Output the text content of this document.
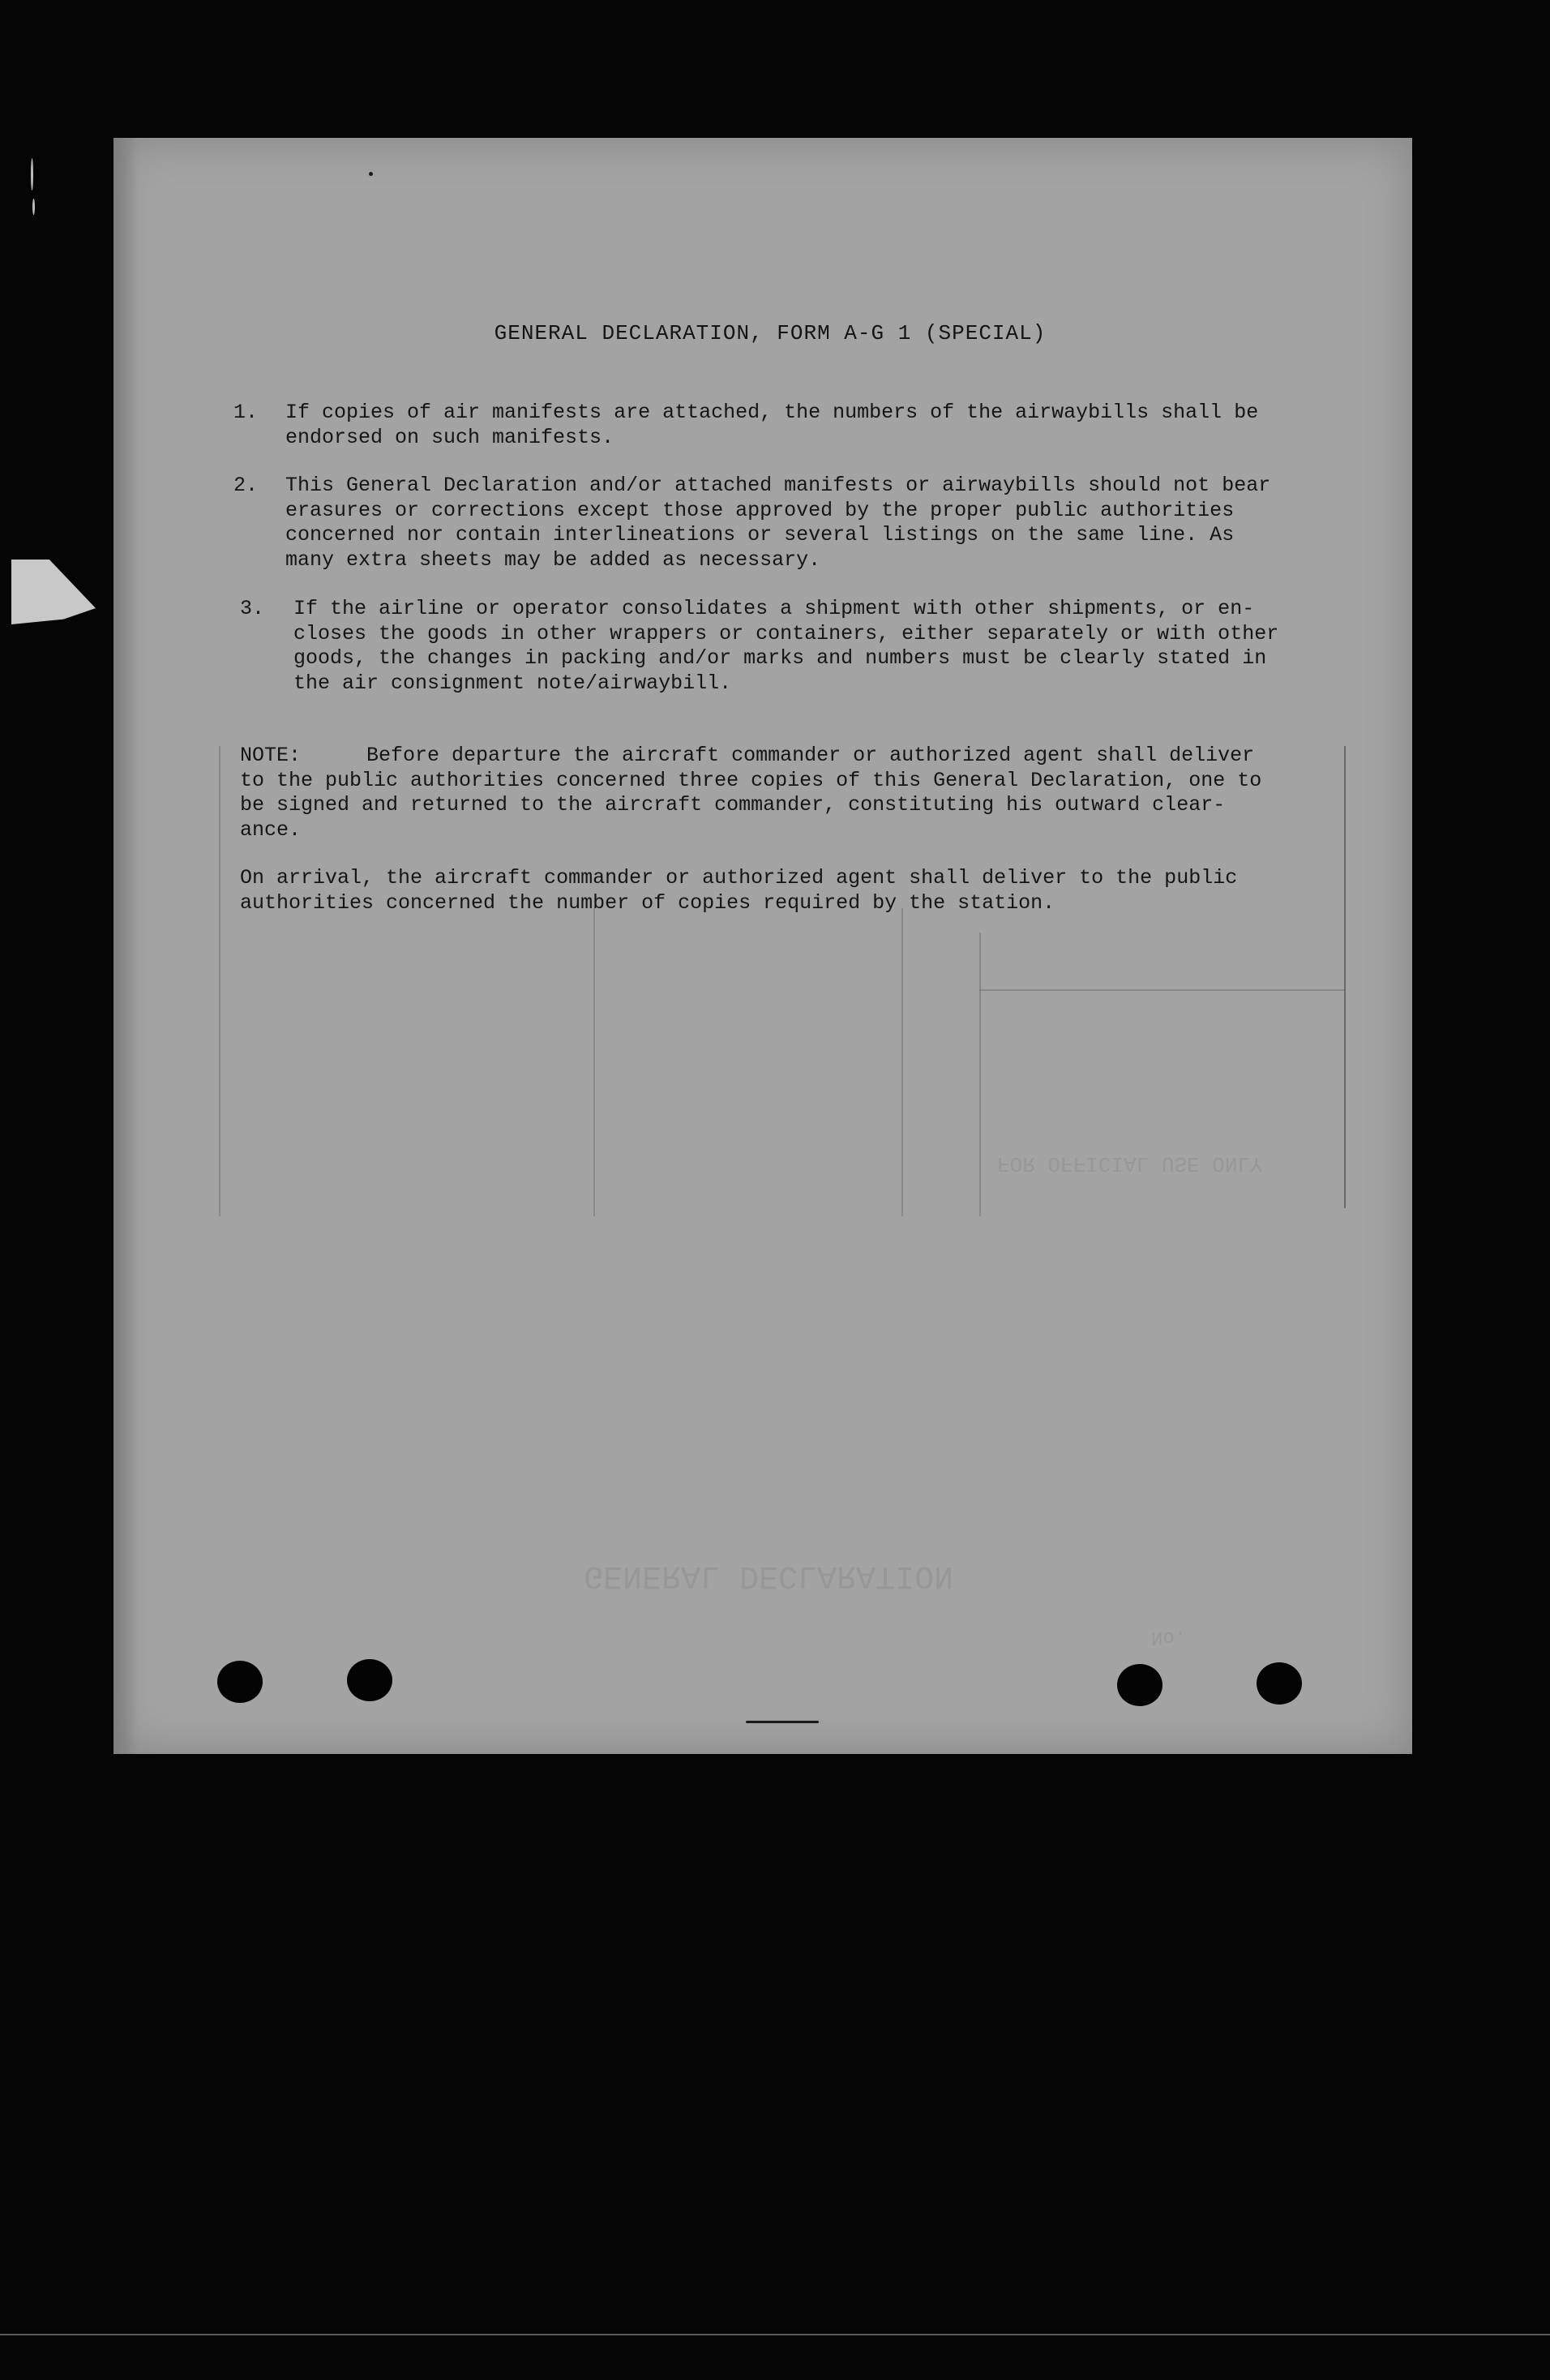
GENERAL DECLARATION
FOR OFFICIAL USE ONLY
No.
GENERAL DECLARATION, FORM A-G 1 (SPECIAL)
1. If copies of air manifests are attached, the numbers of the airwaybills shall be
endorsed on such manifests.
2. This General Declaration and/or attached manifests or airwaybills should not bear
erasures or corrections except those approved by the proper public authorities
concerned nor contain interlineations or several listings on the same line. As
many extra sheets may be added as necessary.
3. If the airline or operator consolidates a shipment with other shipments, or en-
closes the goods in other wrappers or containers, either separately or with other
goods, the changes in packing and/or marks and numbers must be clearly stated in
the air consignment note/airwaybill.
NOTE:	Before departure the aircraft commander or authorized agent shall deliver
to the public authorities concerned three copies of this General Declaration, one to
be signed and returned to the aircraft commander, constituting his outward clear-
ance.
On arrival, the aircraft commander or authorized agent shall deliver to the public
authorities concerned the number of copies required by the station.
